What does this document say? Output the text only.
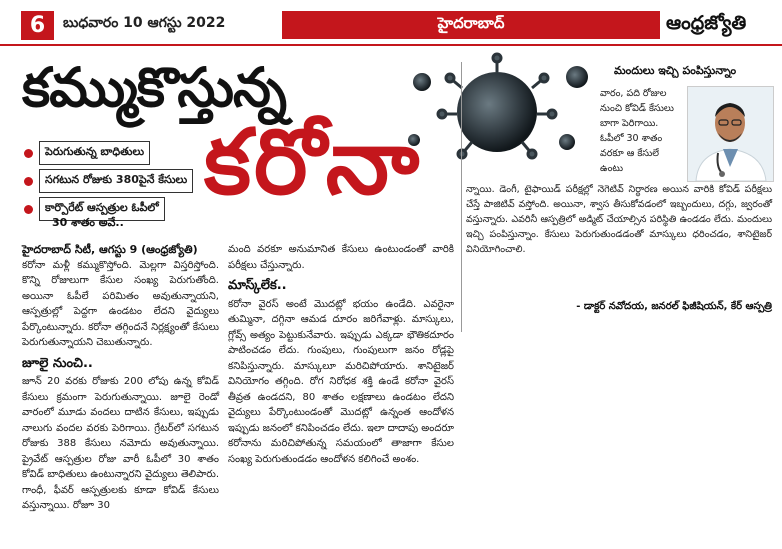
6	బుధవారం 10 ఆగస్టు 2022	హైదరాబాద్	ఆంధ్రజ్యోతి
కమ్ముకొస్తున్న
కరోనా
పెరుగుతున్న బాధితులు
సగటున రోజుకు 380పైనే కేసులు
కార్పొరేట్ ఆస్పత్రుల ఓపీలో
30 శాతం అవే..

హైదరాబాద్ సిటీ, ఆగస్టు 9 (ఆంధ్రజ్యోతి)

కరోనా మళ్లీ కమ్ముకొస్తోంది. మెల్లగా విస్తరిస్తోంది. కొన్ని రోజులుగా కేసుల సంఖ్య పెరుగుతోంది. అయినా ఓపీలే పరిమితం అవుతున్నాయని, ఆస్పత్రుల్లో పెద్దగా ఉండటం లేదని వైద్యులు పేర్కొంటున్నారు. కరోనా తగ్గిందనే నిర్లక్ష్యంతో కేసులు పెరుగుతున్నాయని చెబుతున్నారు.

జూలై నుంచి..

జూన్ 20 వరకు రోజుకు 200 లోపు ఉన్న కోవిడ్ కేసులు క్రమంగా పెరుగుతున్నాయి. జూలై రెండో వారంలో మూడు వందలు దాటిన కేసులు, ఇప్పుడు నాలుగు వందల వరకు పెరిగాయి. గ్రేటర్‌లో సగటున రోజుకు 388 కేసులు నమోదు అవుతున్నాయి. ప్రైవేట్ ఆస్పత్రుల రోజు వారీ ఓపీలో 30 శాతం కోవిడ్ బాధితులు ఉంటున్నారని వైద్యులు తెలిపారు. గాంధీ, ఫీవర్ ఆస్పత్రులకు కూడా కోవిడ్ కేసులు వస్తున్నాయి. రోజూ 30

మంది వరకూ అనుమానిత కేసులు ఉంటుండంతో వారికి పరీక్షలు చేస్తున్నారు.

మాస్క్‌లేక..

కరోనా వైరస్ అంటే మొదట్లో భయం ఉండేది. ఎవరైనా తుమ్మినా, దగ్గినా ఆమడ దూరం జరిగేవాళ్లు. మాస్కులు, గ్లోవ్స్ అత్యం పెట్టుకునేవారు. ఇప్పుడు ఎక్కడా భౌతికదూరం పాటించడం లేదు. గుంపులు, గుంపులుగా జనం రోడ్లపై కనిపిస్తున్నారు. మాస్కులూ మరిచిపోయారు. శానిటైజర్ వినియోగం తగ్గింది. రోగ నిరోధక శక్తి ఉండే కరోనా వైరస్ తీవ్రత ఉండదని, 80 శాతం లక్షణాలు ఉండటం లేదని వైద్యులు పేర్కొంటుండంతో మొదట్లో ఉన్నంత ఆందోళన ఇప్పుడు జనంలో కనిపించడం లేదు. ఇలా దాదాపు అందరూ కరోనాను మరిచిపోతున్న సమయంలో తాజాగా కేసుల సంఖ్య పెరుగుతుండడం ఆందోళన కలిగించే అంశం.

మందులు ఇచ్చి పంపిస్తున్నాం
వారం, పది రోజుల నుంచి కోవిడ్ కేసులు బాగా పెరిగాయి. ఓపీలో 30 శాతం వరకూ ఆ కేసులే ఉంటు
న్నాయి. డెంగీ, టైఫాయిడ్ పరీక్షల్లో నెగెటివ్ నిర్ధారణ అయిన వారికి కోవిడ్ పరీక్షలు చేస్తే పాజిటివ్ వస్తోంది. అయినా, శ్వాస తీసుకోవడంలో ఇబ్బందులు, దగ్గు, జ్వరంతో వస్తున్నారు. ఎవరినీ ఆస్పత్రిలో అడ్మిట్ చేయాల్సిన పరిస్థితి ఉండడం లేదు. మందులు ఇచ్చి పంపిస్తున్నాం. కేసులు పెరుగుతుండడంతో మాస్కులు ధరించడం, శానిటైజర్ వినియోగించాలి.
- డాక్టర్ నవోదయ, జనరల్ ఫిజీషియన్, కేర్ ఆస్పత్రి
